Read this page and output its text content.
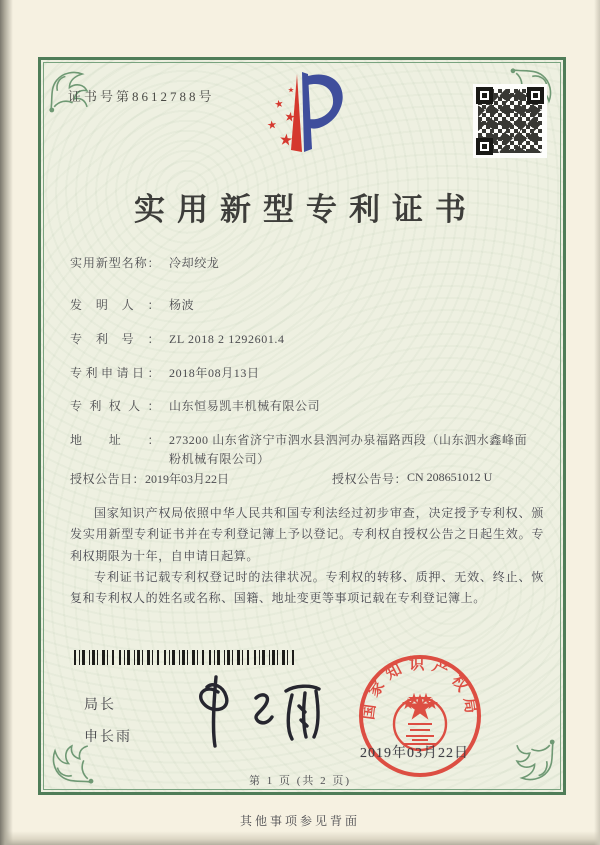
证书号第8612788号
实用新型专利证书
实用新型名称： 冷却绞龙
发明人： 杨波
专利号： ZL 2018 2 1292601.4
专利申请日： 2018年08月13日
专利权人： 山东恒易凯丰机械有限公司
地址： 273200 山东省济宁市泗水县泗河办泉福路西段（山东泗水鑫峰面粉机械有限公司）
授权公告日： 2019年03月22日	授权公告号： CN 208651012 U

国家知识产权局依照中华人民共和国专利法经过初步审查，决定授予专利权、颁发实用新型专利证书并在专利登记簿上予以登记。专利权自授权公告之日起生效。专利权期限为十年，自申请日起算。

专利证书记载专利权登记时的法律状况。专利权的转移、质押、无效、终止、恢复和专利权人的姓名或名称、国籍、地址变更等事项记载在专利登记簿上。

局长
申长雨
国家知识产权局
2019年03月22日
第 1 页 (共 2 页)
其他事项参见背面
